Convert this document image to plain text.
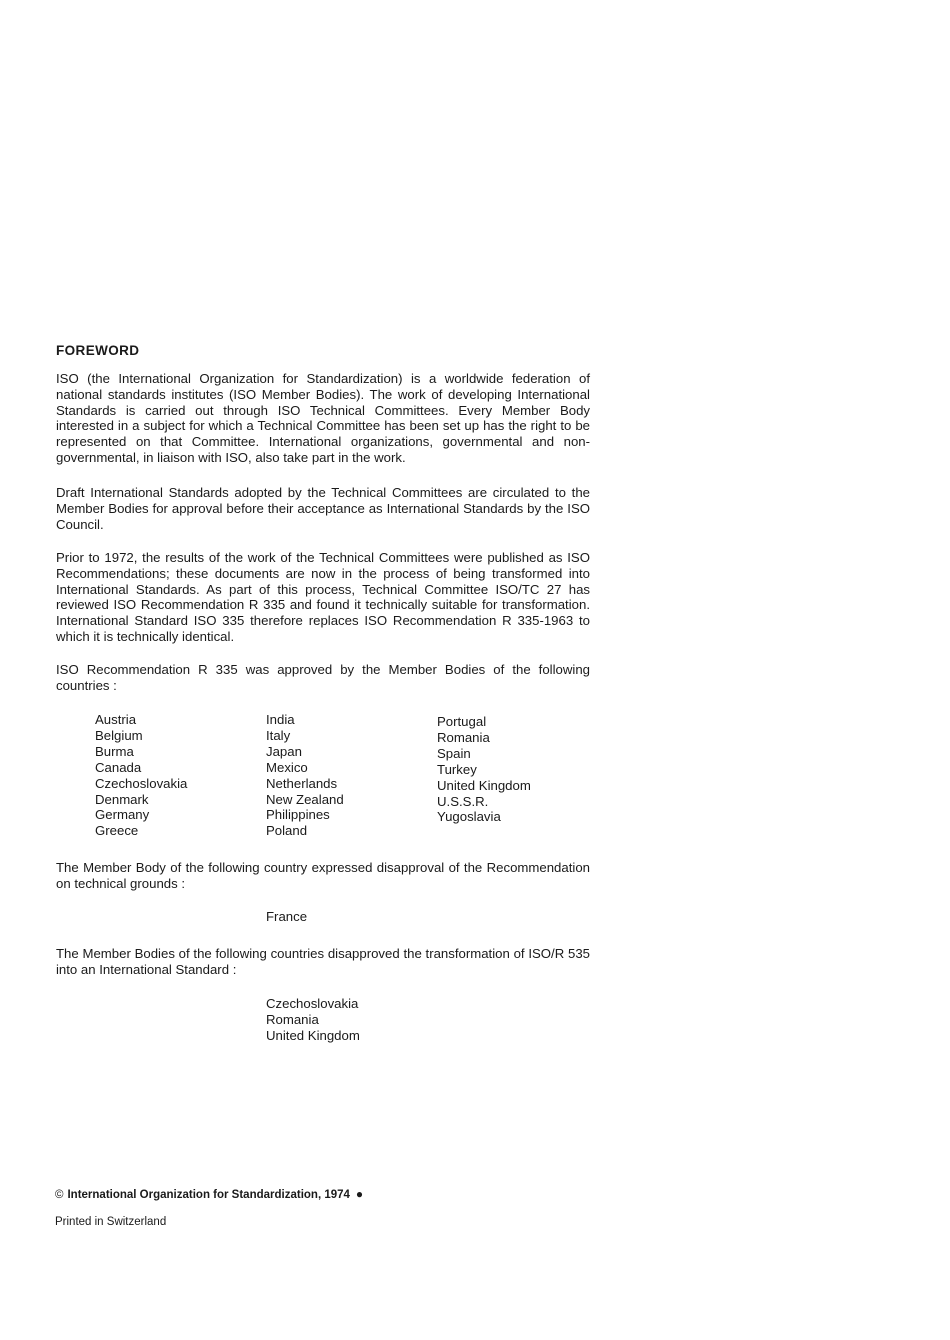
FOREWORD

ISO (the International Organization for Standardization) is a worldwide federation of national standards institutes (ISO Member Bodies). The work of developing International Standards is carried out through ISO Technical Committees. Every Member Body interested in a subject for which a Technical Committee has been set up has the right to be represented on that Committee. International organizations, governmental and non-governmental, in liaison with ISO, also take part in the work.

Draft International Standards adopted by the Technical Committees are circulated to the Member Bodies for approval before their acceptance as International Standards by the ISO Council.

Prior to 1972, the results of the work of the Technical Committees were published as ISO Recommendations; these documents are now in the process of being transformed into International Standards. As part of this process, Technical Committee ISO/TC 27 has reviewed ISO Recommendation R 335 and found it technically suitable for transformation. International Standard ISO 335 therefore replaces ISO Recommendation R 335-1963 to which it is technically identical.

ISO Recommendation R 335 was approved by the Member Bodies of the following countries :

Austria
Belgium
Burma
Canada
Czechoslovakia
Denmark
Germany
Greece
India
Italy
Japan
Mexico
Netherlands
New Zealand
Philippines
Poland
Portugal
Romania
Spain
Turkey
United Kingdom
U.S.S.R.
Yugoslavia

The Member Body of the following country expressed disapproval of the Recommendation on technical grounds :

France

The Member Bodies of the following countries disapproved the transformation of ISO/R 535 into an International Standard :

Czechoslovakia
Romania
United Kingdom
© International Organization for Standardization, 1974 ●
Printed in Switzerland
